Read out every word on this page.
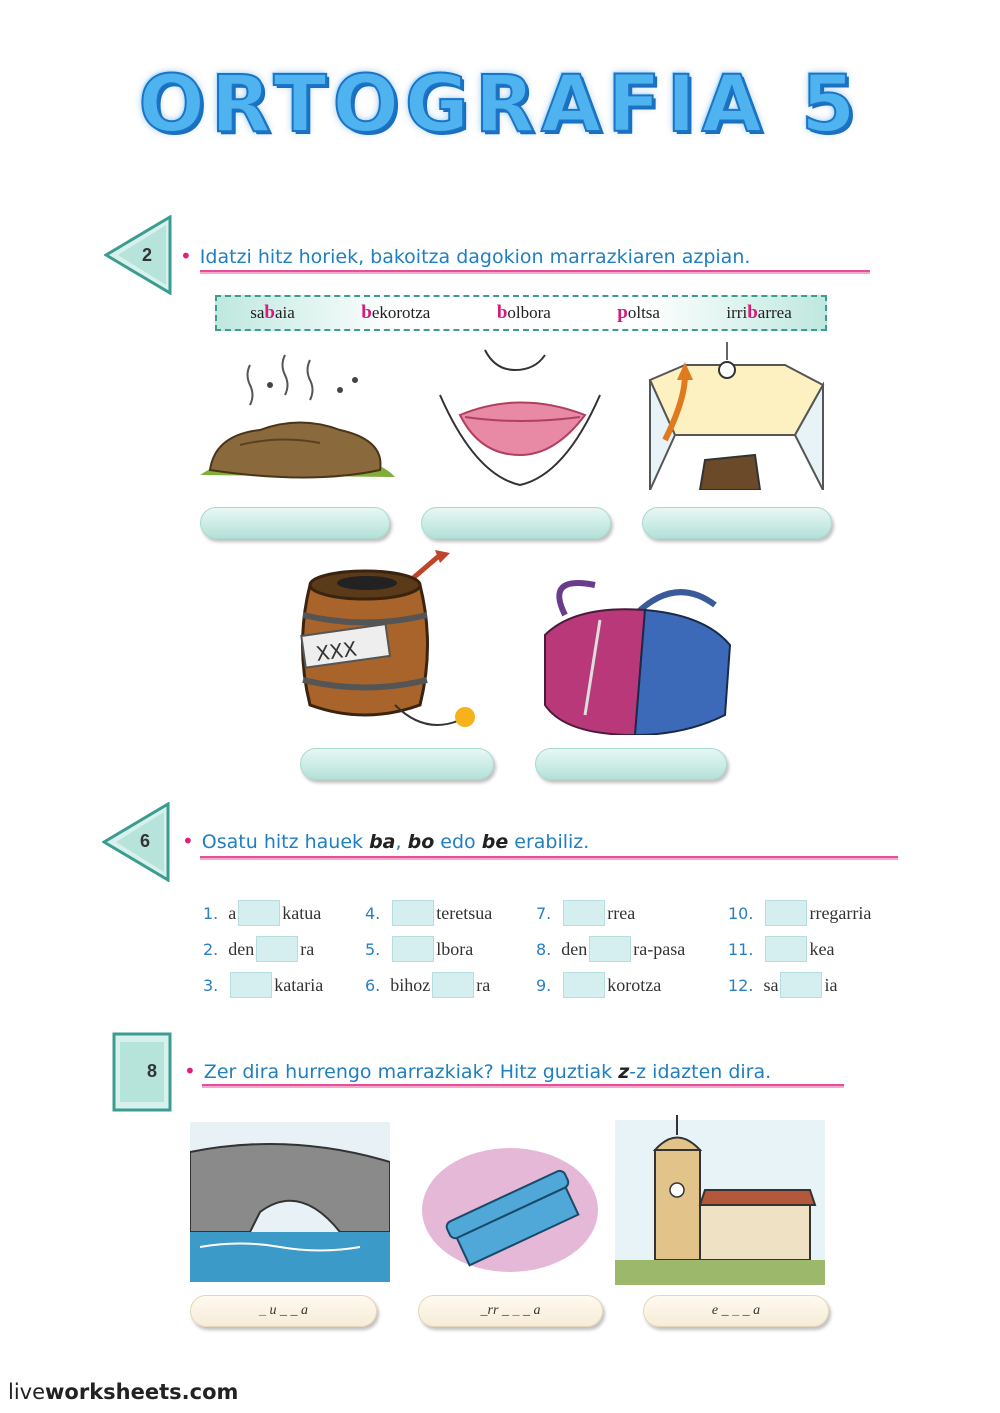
ORTOGRAFIA 5
2 • Idatzi hitz horiek, bakoitza dagokion marrazkiaren azpian.
sabaia	bekorotza	bolbora	poltsa	irribarrea
XXX
6 • Osatu hitz hauek ba, bo edo be erabiliz.
1. a	katua	4.	teretsua	7.	rrea	10.	rregarria
2. den	ra	5.	lbora	8. den	ra-pasa	11.	kea
3.	kataria	6. bihoz	ra	9.	korotza	12. sa	ia
8 • Zer dira hurrengo marrazkiak? Hitz guztiak z-z idazten dira.
_ u _ _ a	_rr _ _ _ a	e _ _ _ a
liveworksheets.com
